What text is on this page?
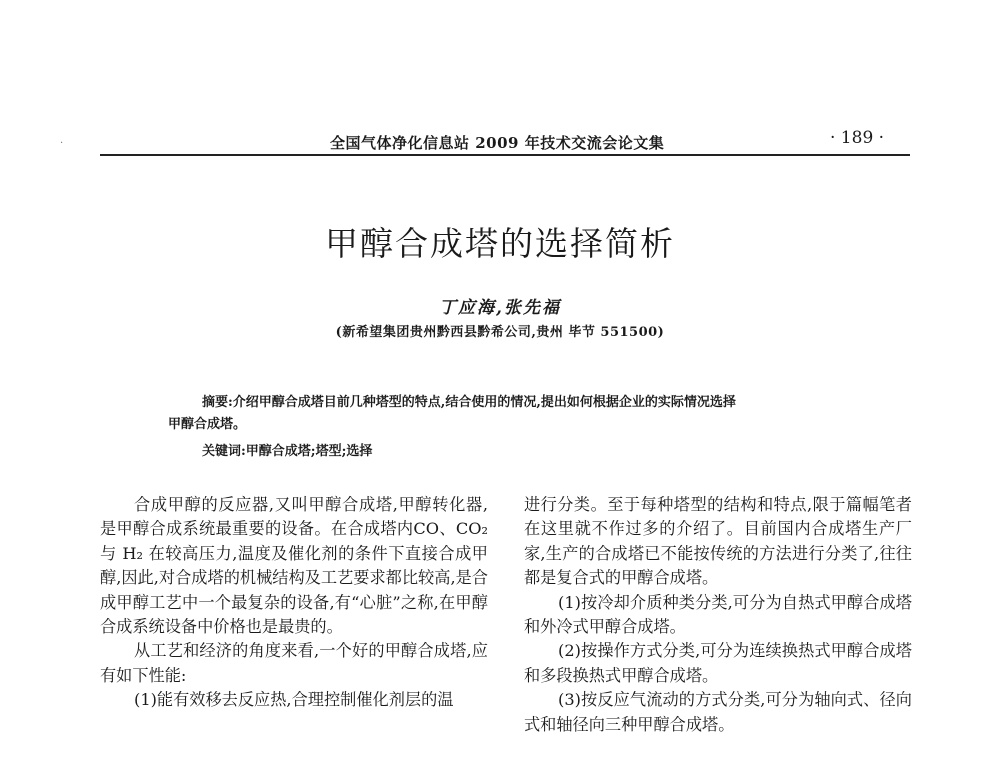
·	全国气体净化信息站 2009 年技术交流会论文集	· 189 ·
甲醇合成塔的选择简析
丁应海,张先福
(新希望集团贵州黔西县黔希公司,贵州 毕节 551500)

摘要:介绍甲醇合成塔目前几种塔型的特点,结合使用的情况,提出如何根据企业的实际情况选择

甲醇合成塔。

关键词:甲醇合成塔;塔型;选择

合成甲醇的反应器,又叫甲醇合成塔,甲醇转化器,是甲醇合成系统最重要的设备。在合成塔内CO、CO₂与 H₂ 在较高压力,温度及催化剂的条件下直接合成甲醇,因此,对合成塔的机械结构及工艺要求都比较高,是合成甲醇工艺中一个最复杂的设备,有“心脏”之称,在甲醇合成系统设备中价格也是最贵的。

从工艺和经济的角度来看,一个好的甲醇合成塔,应有如下性能:

(1)能有效移去反应热,合理控制催化剂层的温

进行分类。至于每种塔型的结构和特点,限于篇幅笔者在这里就不作过多的介绍了。目前国内合成塔生产厂家,生产的合成塔已不能按传统的方法进行分类了,往往都是复合式的甲醇合成塔。

(1)按冷却介质种类分类,可分为自热式甲醇合成塔和外冷式甲醇合成塔。

(2)按操作方式分类,可分为连续换热式甲醇合成塔和多段换热式甲醇合成塔。

(3)按反应气流动的方式分类,可分为轴向式、径向式和轴径向三种甲醇合成塔。
